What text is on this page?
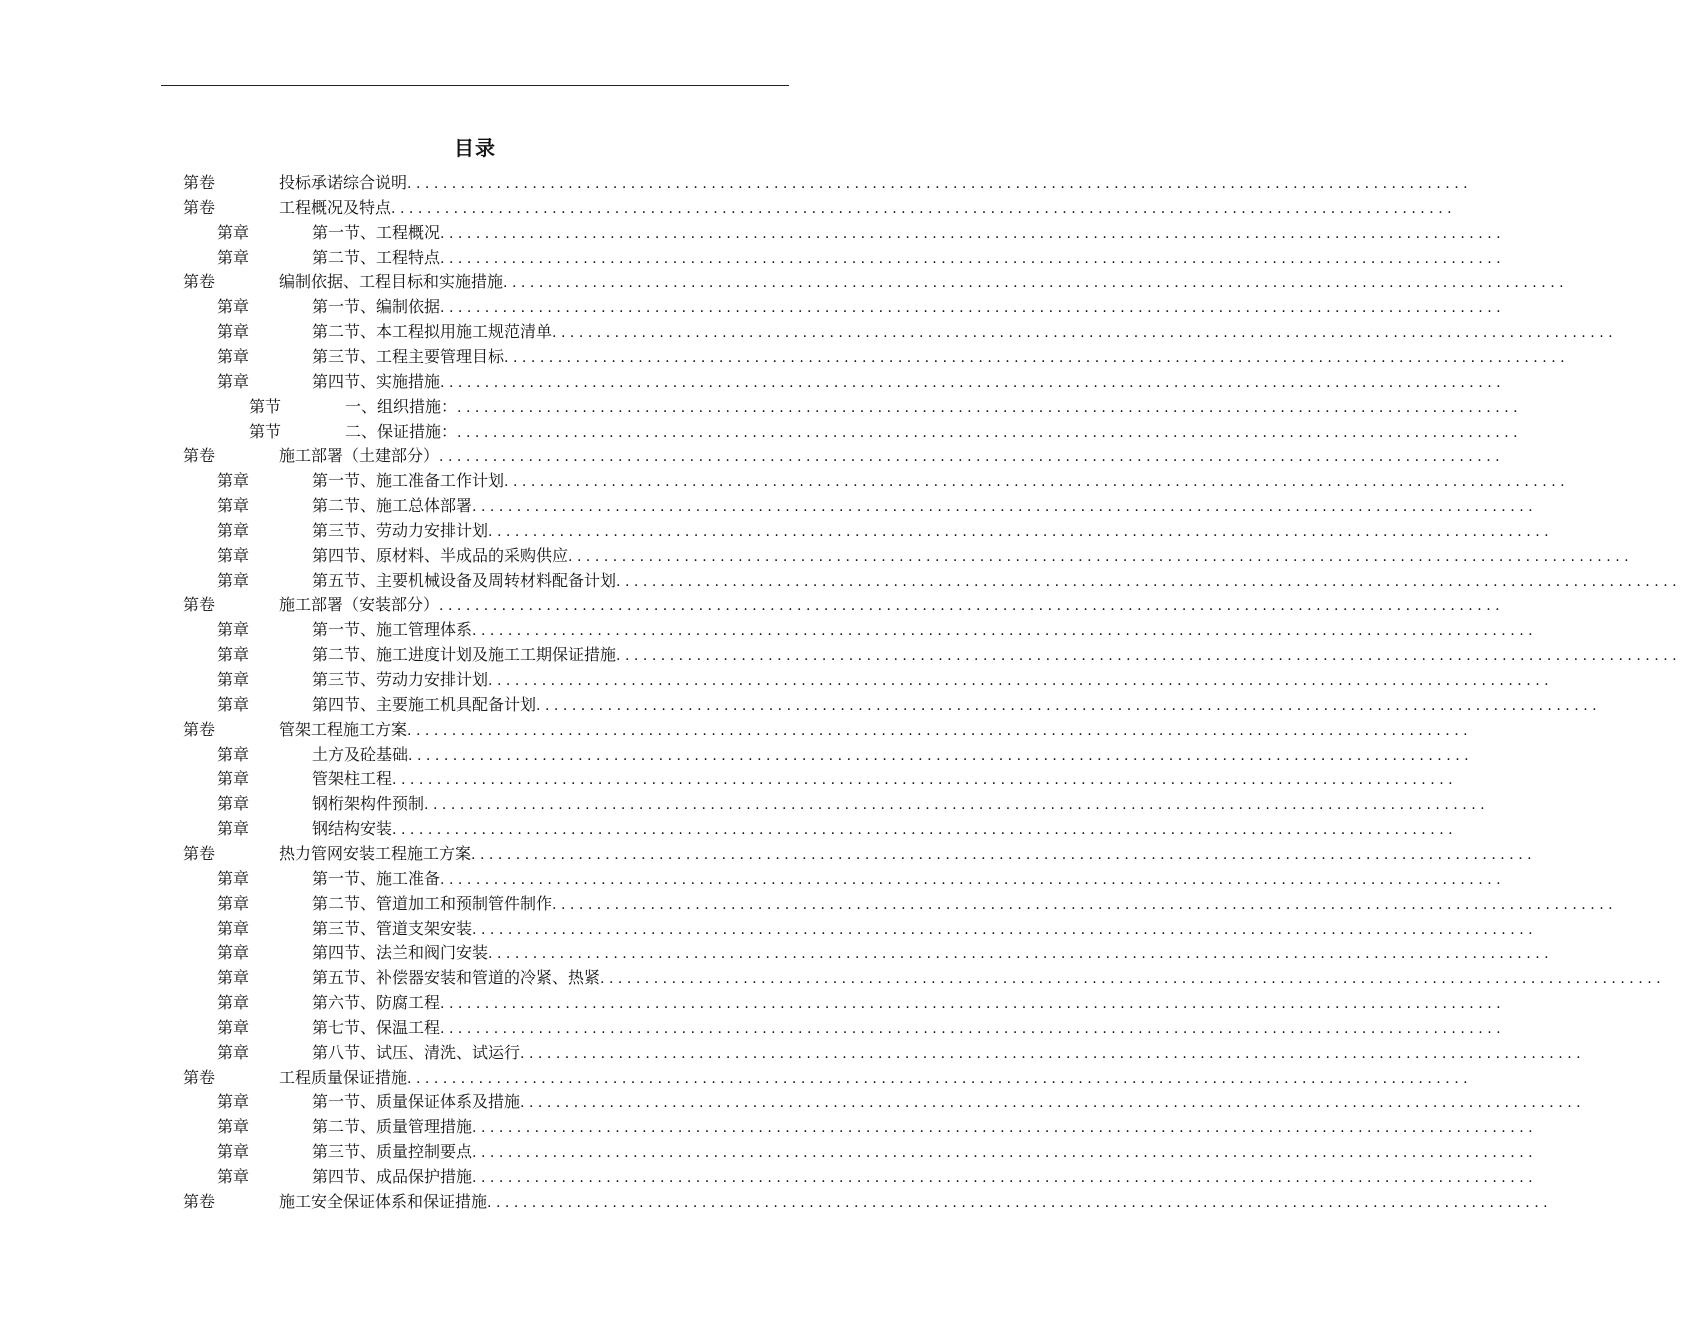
目录
第卷	投标承诺综合说明 .......................................................................................................................
第卷	工程概况及特点 .......................................................................................................................
第章	第一节、工程概况 .......................................................................................................................
第章	第二节、工程特点 .......................................................................................................................
第卷	编制依据、工程目标和实施措施 .......................................................................................................................
第章	第一节、编制依据 .......................................................................................................................
第章	第二节、本工程拟用施工规范清单 .......................................................................................................................
第章	第三节、工程主要管理目标 .......................................................................................................................
第章	第四节、实施措施 .......................................................................................................................
第节	一、组织措施： .......................................................................................................................
第节	二、保证措施： .......................................................................................................................
第卷	施工部署（土建部分） .......................................................................................................................
第章	第一节、施工准备工作计划 .......................................................................................................................
第章	第二节、施工总体部署 .......................................................................................................................
第章	第三节、劳动力安排计划 .......................................................................................................................
第章	第四节、原材料、半成品的采购供应 .......................................................................................................................
第章	第五节、主要机械设备及周转材料配备计划 .......................................................................................................................
第卷	施工部署（安装部分） .......................................................................................................................
第章	第一节、施工管理体系 .......................................................................................................................
第章	第二节、施工进度计划及施工工期保证措施 .......................................................................................................................
第章	第三节、劳动力安排计划 .......................................................................................................................
第章	第四节、主要施工机具配备计划 .......................................................................................................................
第卷	管架工程施工方案 .......................................................................................................................
第章	土方及砼基础 .......................................................................................................................
第章	管架柱工程 .......................................................................................................................
第章	钢桁架构件预制 .......................................................................................................................
第章	钢结构安装 .......................................................................................................................
第卷	热力管网安装工程施工方案 .......................................................................................................................
第章	第一节、施工准备 .......................................................................................................................
第章	第二节、管道加工和预制管件制作 .......................................................................................................................
第章	第三节、管道支架安装 .......................................................................................................................
第章	第四节、法兰和阀门安装 .......................................................................................................................
第章	第五节、补偿器安装和管道的冷紧、热紧 .......................................................................................................................
第章	第六节、防腐工程 .......................................................................................................................
第章	第七节、保温工程 .......................................................................................................................
第章	第八节、试压、清洗、试运行 .......................................................................................................................
第卷	工程质量保证措施 .......................................................................................................................
第章	第一节、质量保证体系及措施 .......................................................................................................................
第章	第二节、质量管理措施 .......................................................................................................................
第章	第三节、质量控制要点 .......................................................................................................................
第章	第四节、成品保护措施 .......................................................................................................................
第卷	施工安全保证体系和保证措施 .......................................................................................................................
